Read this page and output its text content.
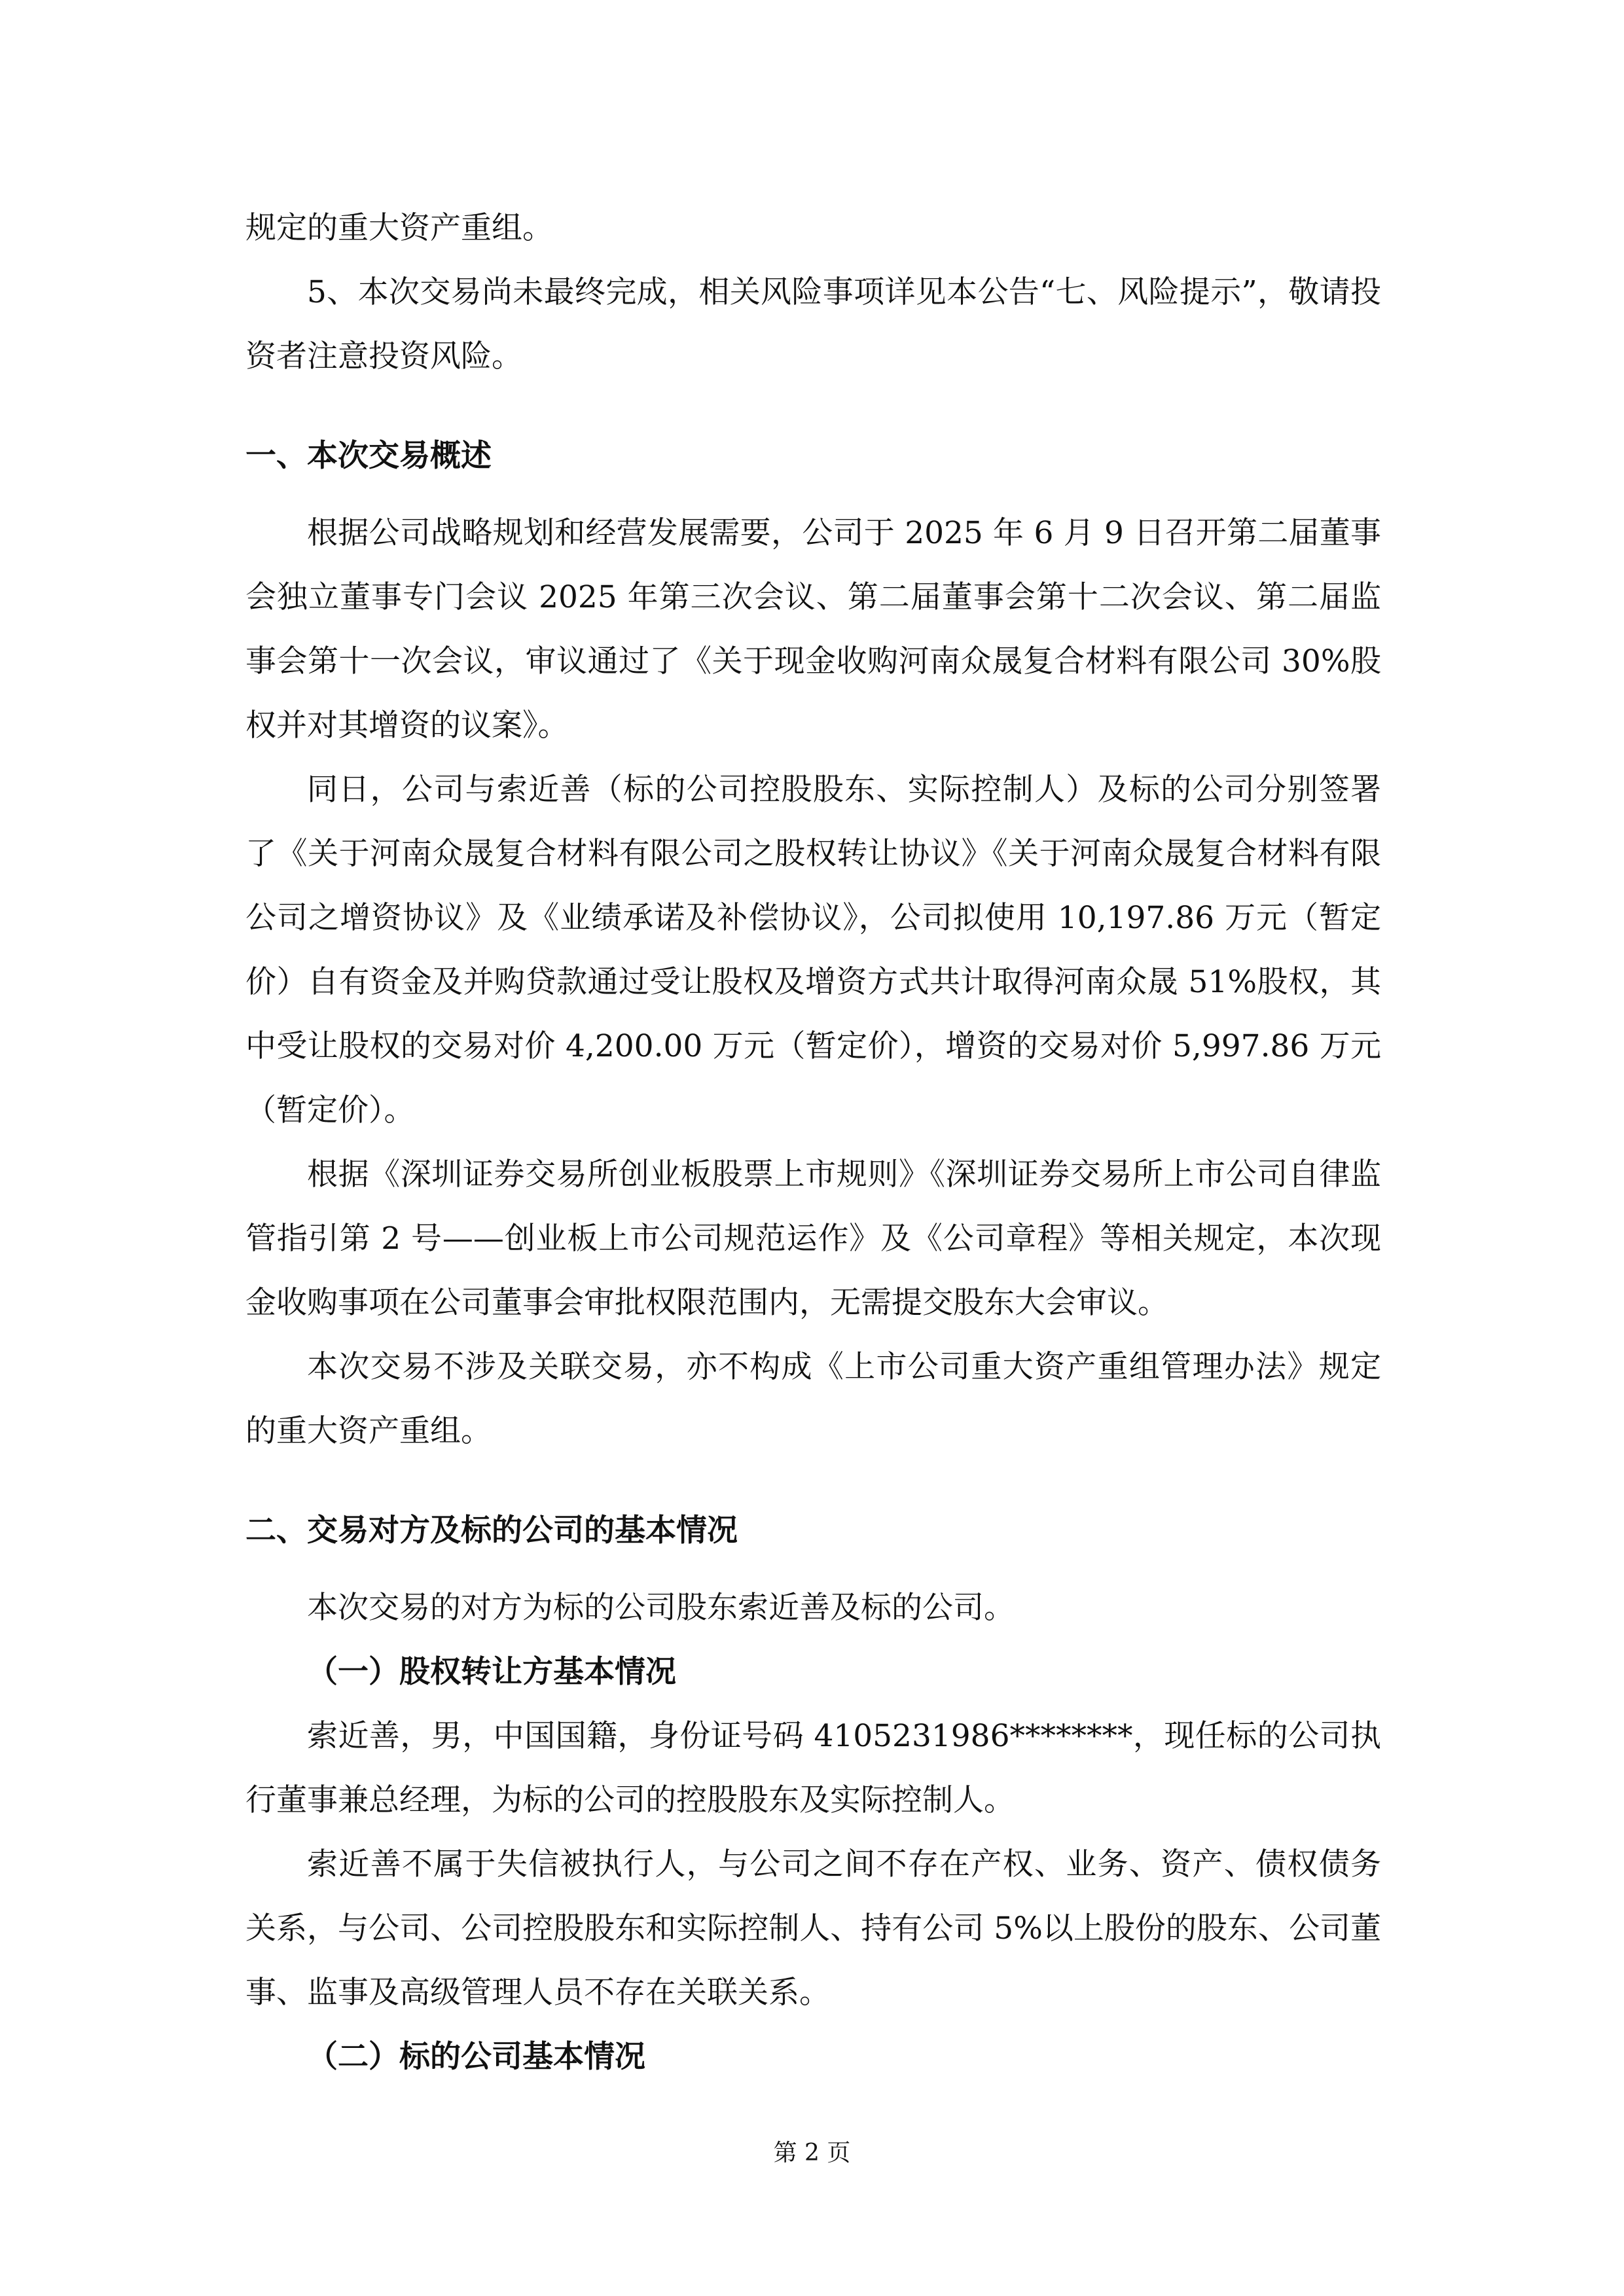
规定的重大资产重组。

5、本次交易尚未最终完成，相关风险事项详见本公告“七、风险提示”，敬请投资者注意投资风险。

一、本次交易概述

根据公司战略规划和经营发展需要，公司于 2025 年 6 月 9 日召开第二届董事会独立董事专门会议 2025 年第三次会议、第二届董事会第十二次会议、第二届监事会第十一次会议，审议通过了《关于现金收购河南众晟复合材料有限公司 30%股权并对其增资的议案》。

同日，公司与索近善（标的公司控股股东、实际控制人）及标的公司分别签署了《关于河南众晟复合材料有限公司之股权转让协议》《关于河南众晟复合材料有限公司之增资协议》及《业绩承诺及补偿协议》，公司拟使用 10,197.86 万元（暂定价）自有资金及并购贷款通过受让股权及增资方式共计取得河南众晟 51%股权，其中受让股权的交易对价 4,200.00 万元（暂定价），增资的交易对价 5,997.86 万元（暂定价）。

根据《深圳证券交易所创业板股票上市规则》《深圳证券交易所上市公司自律监管指引第 2 号——创业板上市公司规范运作》及《公司章程》等相关规定，本次现金收购事项在公司董事会审批权限范围内，无需提交股东大会审议。

本次交易不涉及关联交易，亦不构成《上市公司重大资产重组管理办法》规定的重大资产重组。

二、交易对方及标的公司的基本情况

本次交易的对方为标的公司股东索近善及标的公司。

（一）股权转让方基本情况

索近善，男，中国国籍，身份证号码 4105231986********，现任标的公司执行董事兼总经理，为标的公司的控股股东及实际控制人。

索近善不属于失信被执行人，与公司之间不存在产权、业务、资产、债权债务关系，与公司、公司控股股东和实际控制人、持有公司 5%以上股份的股东、公司董事、监事及高级管理人员不存在关联关系。

（二）标的公司基本情况

第 2 页
